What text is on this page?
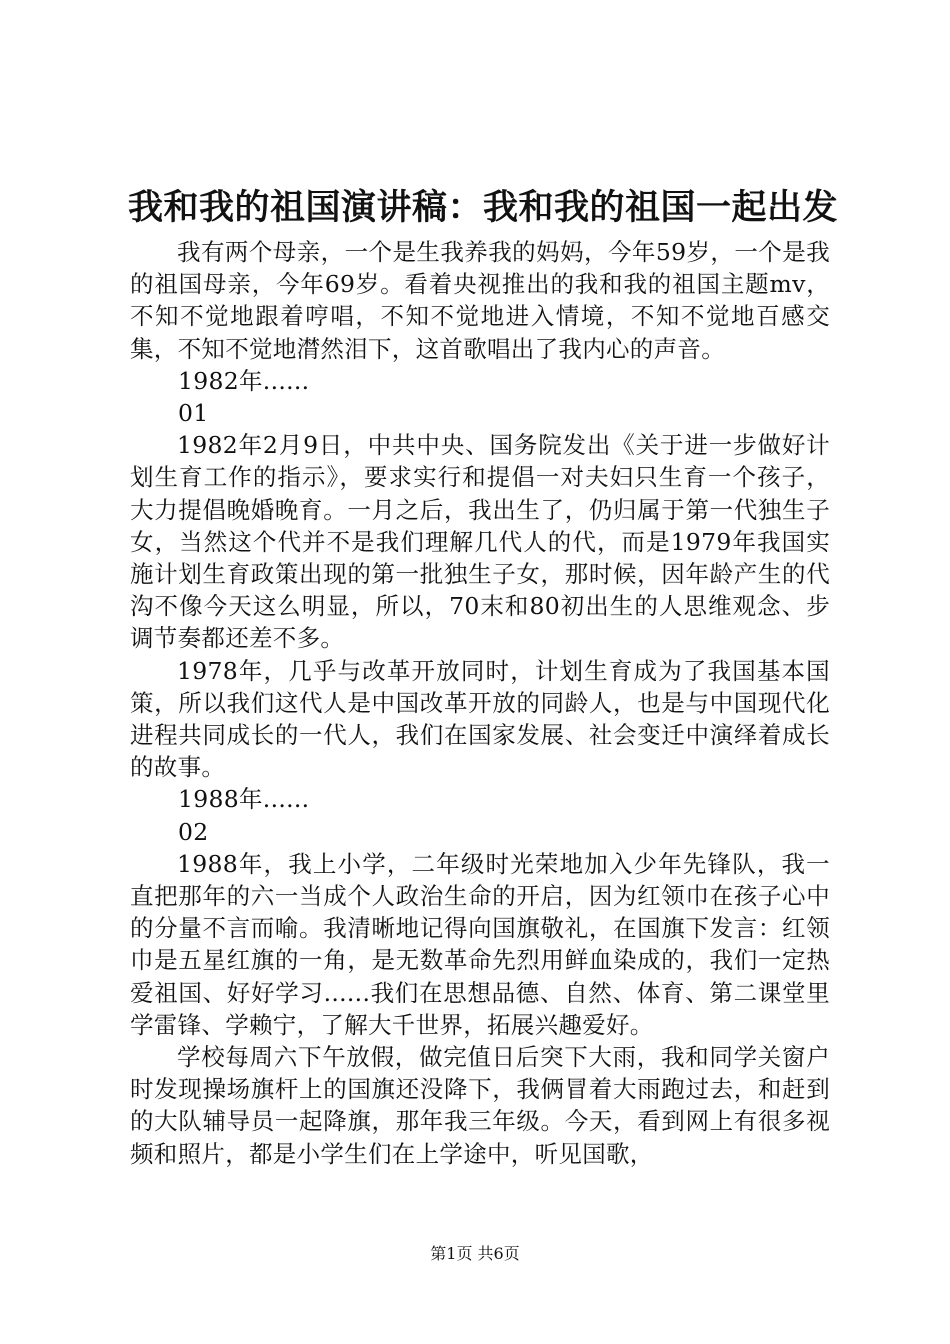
我和我的祖国演讲稿：我和我的祖国一起出发

我有两个母亲，一个是生我养我的妈妈，今年59岁，一个是我的祖国母亲，今年69岁。看着央视推出的我和我的祖国主题mv，不知不觉地跟着哼唱，不知不觉地进入情境，不知不觉地百感交集，不知不觉地潸然泪下，这首歌唱出了我内心的声音。

1982年......

01

1982年2月9日，中共中央、国务院发出《关于进一步做好计划生育工作的指示》，要求实行和提倡一对夫妇只生育一个孩子，大力提倡晚婚晚育。一月之后，我出生了，仍归属于第一代独生子女，当然这个代并不是我们理解几代人的代，而是1979年我国实施计划生育政策出现的第一批独生子女，那时候，因年龄产生的代沟不像今天这么明显，所以，70末和80初出生的人思维观念、步调节奏都还差不多。

1978年，几乎与改革开放同时，计划生育成为了我国基本国策，所以我们这代人是中国改革开放的同龄人，也是与中国现代化进程共同成长的一代人，我们在国家发展、社会变迁中演绎着成长的故事。

1988年......

02

1988年，我上小学，二年级时光荣地加入少年先锋队，我一直把那年的六一当成个人政治生命的开启，因为红领巾在孩子心中的分量不言而喻。我清晰地记得向国旗敬礼，在国旗下发言：红领巾是五星红旗的一角，是无数革命先烈用鲜血染成的，我们一定热爱祖国、好好学习......我们在思想品德、自然、体育、第二课堂里学雷锋、学赖宁，了解大千世界，拓展兴趣爱好。

学校每周六下午放假，做完值日后突下大雨，我和同学关窗户时发现操场旗杆上的国旗还没降下，我俩冒着大雨跑过去，和赶到的大队辅导员一起降旗，那年我三年级。今天，看到网上有很多视频和照片，都是小学生们在上学途中，听见国歌，

第1页 共6页
